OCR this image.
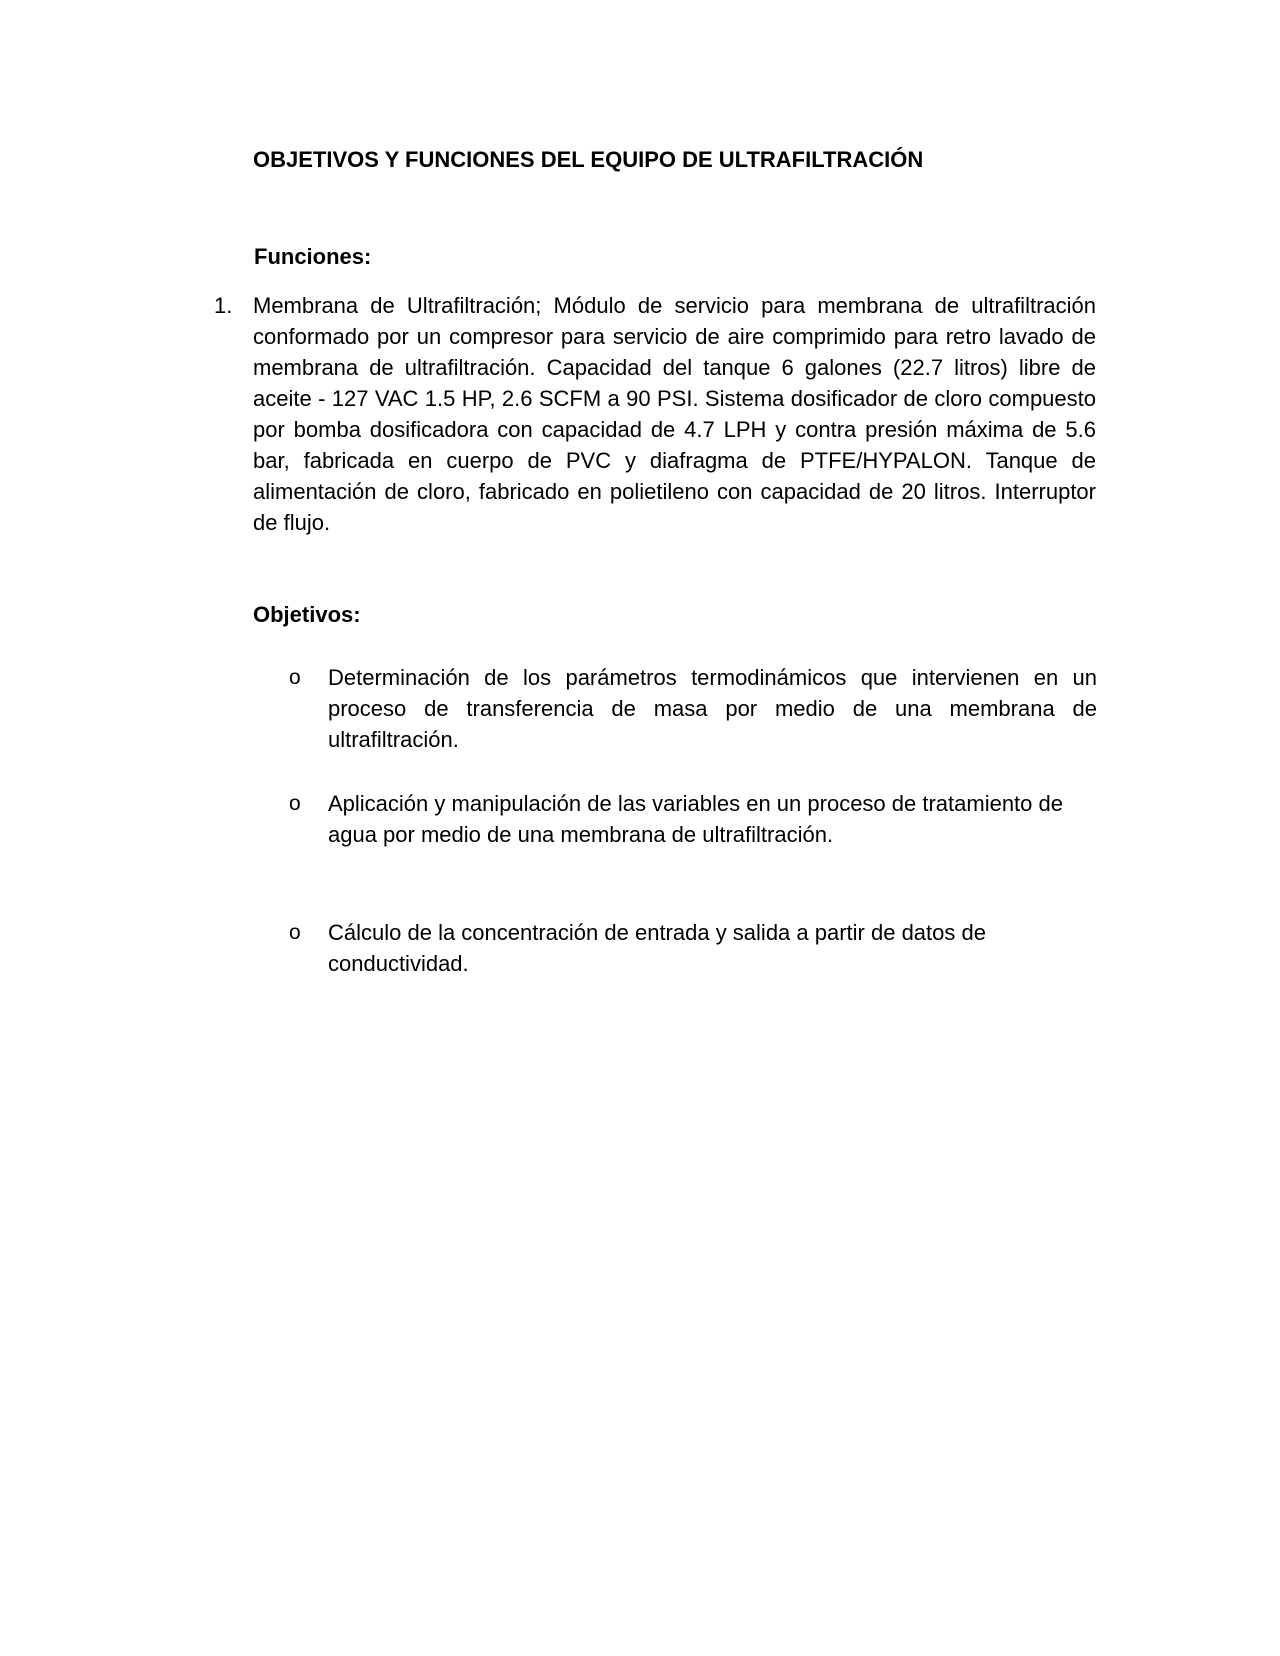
OBJETIVOS Y FUNCIONES DEL EQUIPO DE ULTRAFILTRACIÓN
Funciones:
1. Membrana de Ultrafiltración; Módulo de servicio para membrana de ultrafiltración conformado por un compresor para servicio de aire comprimido para retro lavado de membrana de ultrafiltración. Capacidad del tanque 6 galones (22.7 litros) libre de aceite - 127 VAC 1.5 HP, 2.6 SCFM a 90 PSI. Sistema dosificador de cloro compuesto por bomba dosificadora con capacidad de 4.7 LPH y contra presión máxima de 5.6 bar, fabricada en cuerpo de PVC y diafragma de PTFE/HYPALON. Tanque de alimentación de cloro, fabricado en polietileno con capacidad de 20 litros. Interruptor de flujo.
Objetivos:
o Determinación de los parámetros termodinámicos que intervienen en un proceso de transferencia de masa por medio de una membrana de ultrafiltración.
o Aplicación y manipulación de las variables en un proceso de tratamiento de agua por medio de una membrana de ultrafiltración.
o Cálculo de la concentración de entrada y salida a partir de datos de conductividad.
